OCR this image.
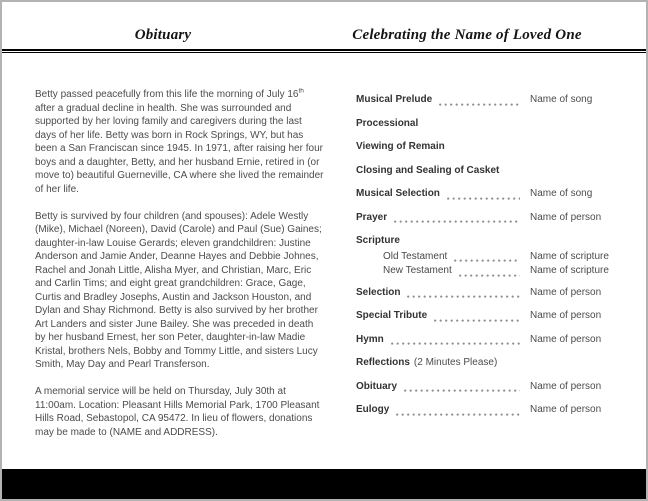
Obituary	Celebrating the Name of Loved One

Betty passed peacefully from this life the morning of July 16th after a gradual decline in health. She was surrounded and supported by her loving family and caregivers during the last days of her life. Betty was born in Rock Springs, WY, but has been a San Franciscan since 1945. In 1971, after raising her four boys and a daughter, Betty, and her husband Ernie, retired in (or move to) beautiful Guerneville, CA where she lived the remainder of her life.

Betty is survived by four children (and spouses): Adele Westly (Mike), Michael (Noreen), David (Carole) and Paul (Sue) Gaines; daughter-in-law Louise Gerards; eleven grandchildren: Justine Anderson and Jamie Ander, Deanne Hayes and Debbie Johnes, Rachel and Jonah Little, Alisha Myer, and Christian, Marc, Eric and Carlin Tims; and eight great grandchildren: Grace, Gage, Curtis and Bradley Josephs, Austin and Jackson Houston, and Dylan and Shay Richmond. Betty is also survived by her brother Art Landers and sister June Bailey. She was preceded in death by her husband Ernest, her son Peter, daughter-in-law Madie Kristal, brothers Nels, Bobby and Tommy Little, and sisters Lucy Smith, May Day and Pearl Transferson.

A memorial service will be held on Thursday, July 30th at 11:00am. Location: Pleasant Hills Memorial Park, 1700 Pleasant Hills Road, Sebastopol, CA 95472. In lieu of flowers, donations may be made to (NAME and ADDRESS).

Musical Prelude	Name of song
Processional
Viewing of Remain
Closing and Sealing of Casket
Musical Selection	Name of song
Prayer	Name of person
Scripture
Old Testament	Name of scripture
New Testament	Name of scripture
Selection	Name of person
Special Tribute	Name of person
Hymn	Name of person
Reflections (2 Minutes Please)
Obituary	Name of person
Eulogy	Name of person
